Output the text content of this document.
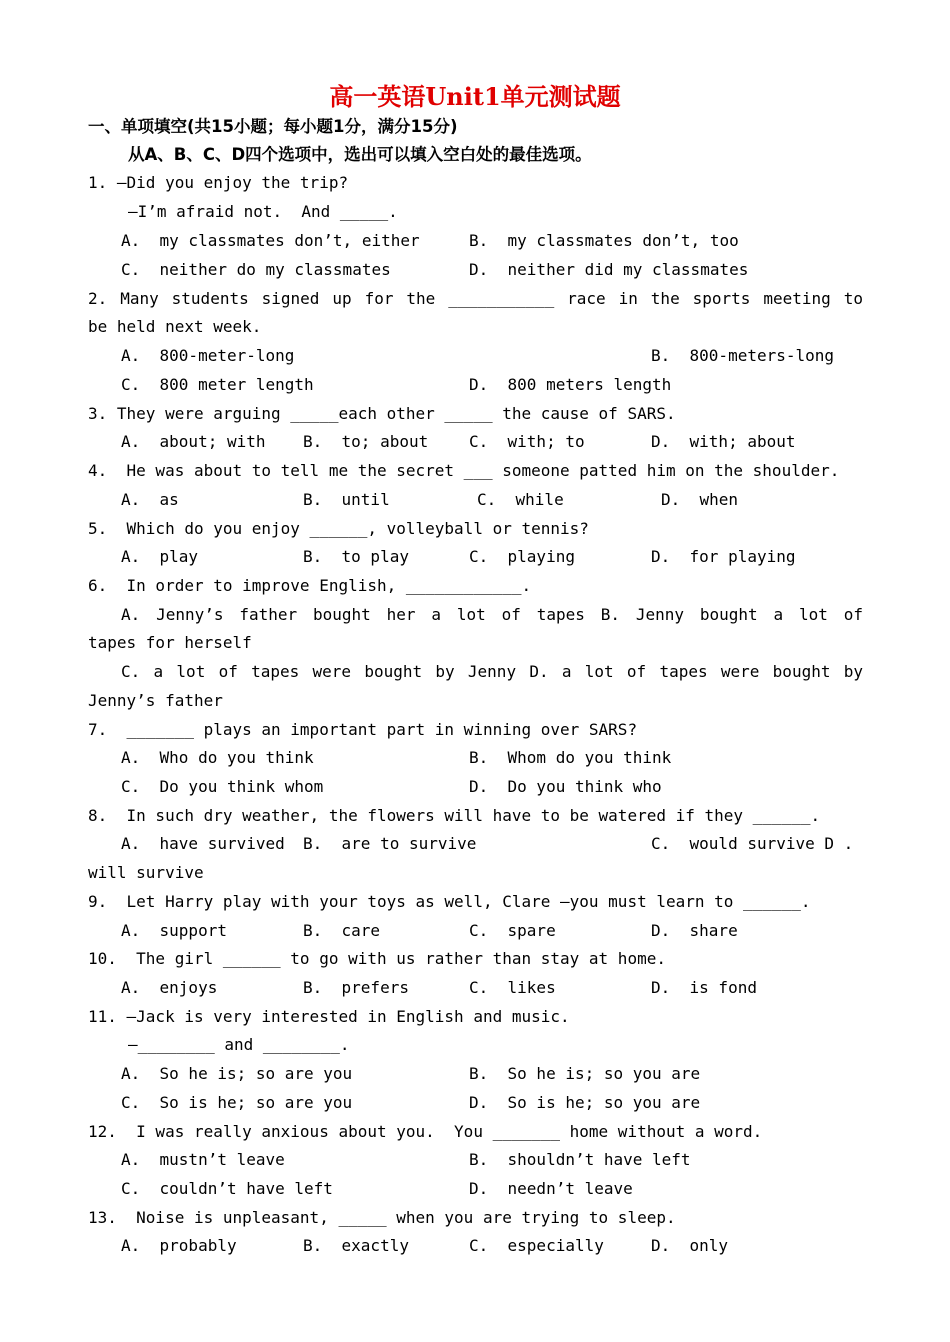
高一英语Unit1单元测试题
一、单项填空(共15小题；每小题1分，满分15分)
从A、B、C、D四个选项中，选出可以填入空白处的最佳选项。
1. —Did you enjoy the trip?
—I’m afraid not.  And _____.
A.  my classmates don’t, either	B.  my classmates don’t, too
C.  neither do my classmates	D.  neither did my classmates
2. Many students signed up for the ___________ race in the sports meeting to
be held next week.
A.  800-meter-long	B.  800-meters-long
C.  800 meter length	D.  800 meters length
3. They were arguing _____each other _____ the cause of SARS.
A.  about; with B.  to; about	C.  with; to	D.  with; about
4.  He was about to tell me the secret ___ someone patted him on the shoulder.
A.  as	B.  until	C.  while	D.  when
5.  Which do you enjoy ______, volleyball or tennis?
A.  play	B.  to play	C.  playing	D.  for playing
6.  In order to improve English, ____________.
A. Jenny’s father bought her a lot of tapes B. Jenny bought a lot of
tapes for herself
C. a lot of tapes were bought by Jenny D. a lot of tapes were bought by
Jenny’s father
7.  _______ plays an important part in winning over SARS?
A.  Who do you think	B.  Whom do you think
C.  Do you think whom	D.  Do you think who
8.  In such dry weather, the flowers will have to be watered if they ______.
A.  have survived B.  are to survive	C.  would survive D .
will survive
9.  Let Harry play with your toys as well, Clare —you must learn to ______.
A.  support	B.  care	C.  spare	D.  share
10.  The girl ______ to go with us rather than stay at home.
A.  enjoys	B.  prefers	C.  likes	D.  is fond
11. —Jack is very interested in English and music.
—________ and ________.
A.  So he is; so are you	B.  So he is; so you are
C.  So is he; so are you	D.  So is he; so you are
12.  I was really anxious about you.  You _______ home without a word.
A.  mustn’t leave	B.  shouldn’t have left
C.  couldn’t have left	D.  needn’t leave
13.  Noise is unpleasant, _____ when you are trying to sleep.
A.  probably	B.  exactly	C.  especially	D.  only
